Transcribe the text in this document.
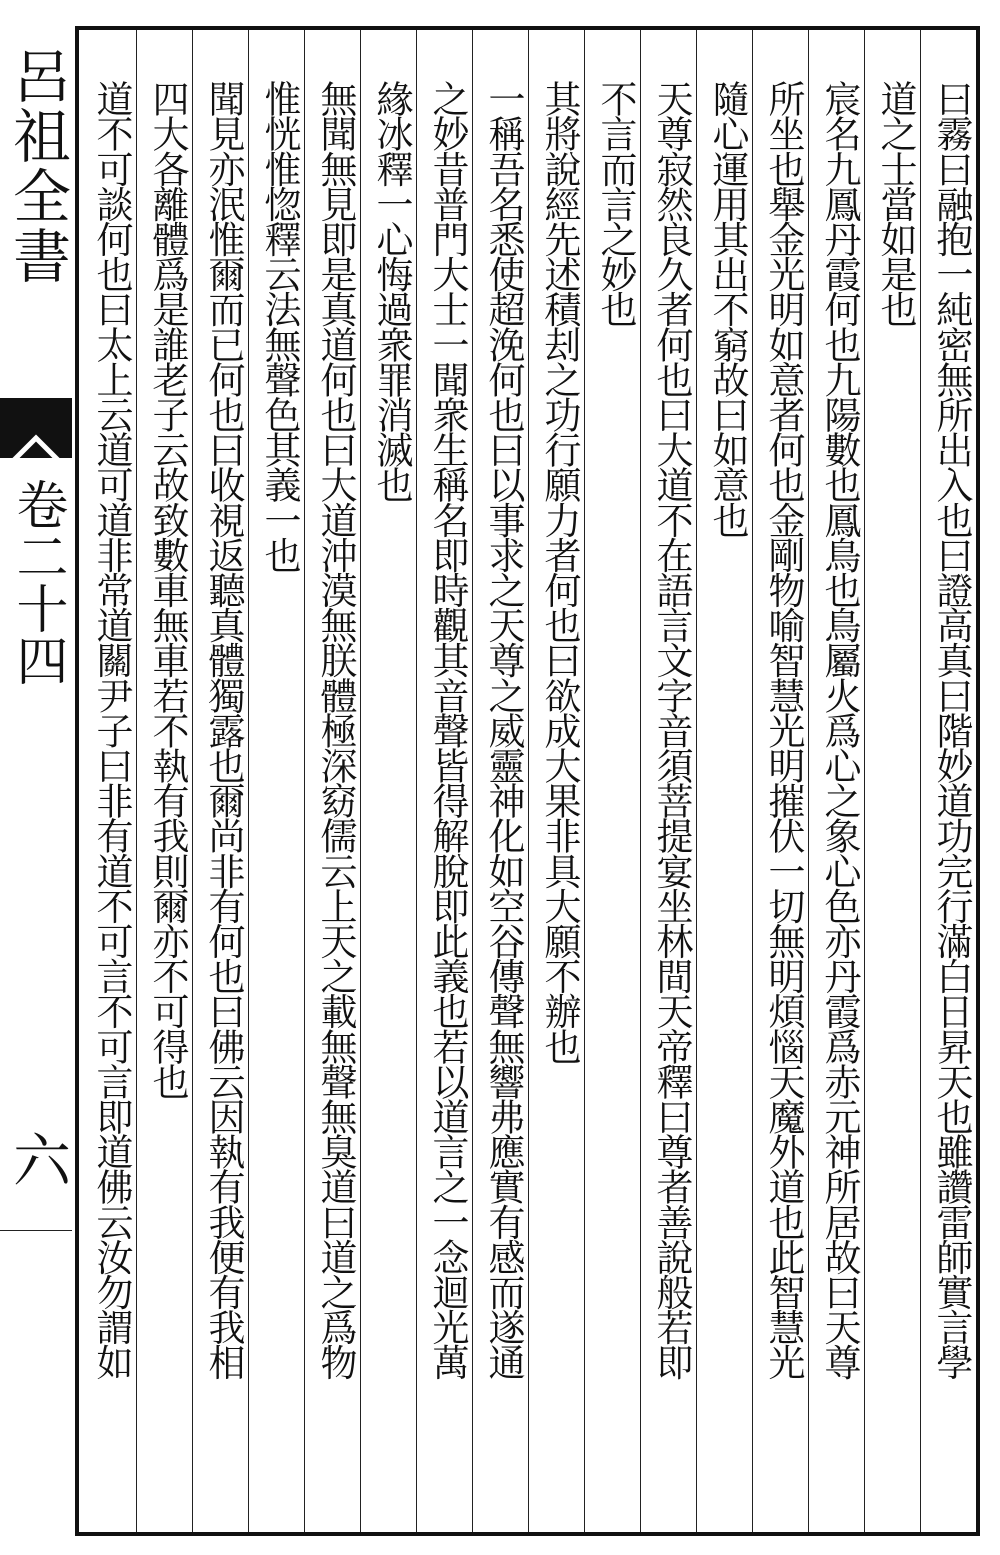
呂祖全書
卷二十四
六	曰霧曰融抱一純密無所出入也曰證高真曰階妙道功完行滿白日昇天也雖讚雷師實言學
道之士當如是也
宸名九鳳丹霞何也九陽數也鳳鳥也鳥屬火爲心之象心色亦丹霞爲赤元神所居故曰天尊
所坐也舉金光明如意者何也金剛物喻智慧光明摧伏一切無明煩惱天魔外道也此智慧光
隨心運用其出不窮故曰如意也
天尊寂然良久者何也曰大道不在語言文字音須菩提宴坐林間天帝釋曰尊者善說般若即
不言而言之妙也
其將說經先述積刦之功行願力者何也曰欲成大果非具大願不辦也
一稱吾名悉使超浼何也曰以事求之天尊之威靈神化如空谷傳聲無響弗應實有感而遂通
之妙昔普門大士一聞衆生稱名即時觀其音聲皆得解脫即此義也若以道言之一念迴光萬
緣冰釋一心悔過衆罪消滅也
無聞無見即是真道何也曰大道沖漠無朕體極深窈儒云上天之載無聲無臭道曰道之爲物
惟恍惟惚釋云法無聲色其義一也
聞見亦泯惟爾而已何也曰收視返聽真體獨露也爾尚非有何也曰佛云因執有我便有我相
四大各離體爲是誰老子云故致數車無車若不執有我則爾亦不可得也
道不可談何也曰太上云道可道非常道關尹子曰非有道不可言不可言即道佛云汝勿謂如
